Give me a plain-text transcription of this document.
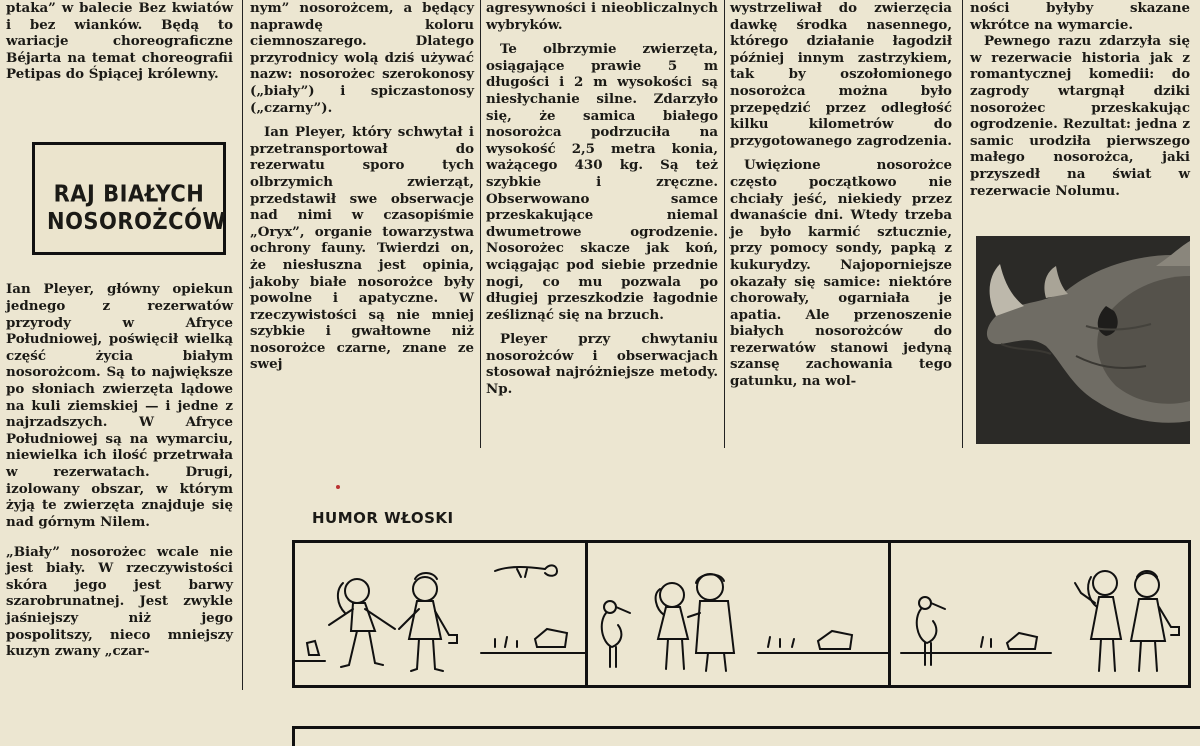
ptaka” w balecie Bez kwiatów i bez wianków. Będą to wariacje choreograficzne Béjarta na temat choreografii Petipas do Śpiącej królewny.

RAJ BIAŁYCH NOSOROŻCÓW

Ian Pleyer, główny opiekun jednego z rezerwatów przyrody w Afryce Południowej, poświęcił wielką część życia białym nosorożcom. Są to największe po słoniach zwierzęta lądowe na kuli ziemskiej — i jedne z najrzadszych. W Afryce Południowej są na wymarciu, niewielka ich ilość przetrwała w rezerwatach. Drugi, izolowany obszar, w którym żyją te zwierzęta znajduje się nad górnym Nilem.

„Biały” nosorożec wcale nie jest biały. W rzeczywistości skóra jego jest barwy szarobrunatnej. Jest zwykle jaśniejszy niż jego pospolitszy, nieco mniejszy kuzyn zwany „czar-

nym” nosorożcem, a będący naprawdę koloru ciemnoszarego. Dlatego przyrodnicy wolą dziś używać nazw: nosorożec szerokonosy („biały”) i spiczastonosy („czarny”).

Ian Pleyer, który schwytał i przetransportował do rezerwatu sporo tych olbrzymich zwierząt, przedstawił swe obserwacje nad nimi w czasopiśmie „Oryx”, organie towarzystwa ochrony fauny. Twierdzi on, że niesłuszna jest opinia, jakoby białe nosorożce były powolne i apatyczne. W rzeczywistości są nie mniej szybkie i gwałtowne niż nosorożce czarne, znane ze swej

agresywności i nieobliczalnych wybryków.

Te olbrzymie zwierzęta, osiągające prawie 5 m długości i 2 m wysokości są niesłychanie silne. Zdarzyło się, że samica białego nosorożca podrzuciła na wysokość 2,5 metra konia, ważącego 430 kg. Są też szybkie i zręczne. Obserwowano samce przeskakujące niemal dwumetrowe ogrodzenie. Nosorożec skacze jak koń, wciągając pod siebie przednie nogi, co mu pozwala po długiej przeszkodzie łagodnie ześliznąć się na brzuch.

Pleyer przy chwytaniu nosorożców i obserwacjach stosował najróżniejsze metody. Np.

wystrzeliwał do zwierzęcia dawkę środka nasennego, którego działanie łagodził później innym zastrzykiem, tak by oszołomionego nosorożca można było przepędzić przez odległość kilku kilometrów do przygotowanego zagrodzenia.

Uwięzione nosorożce często początkowo nie chciały jeść, niekiedy przez dwanaście dni. Wtedy trzeba je było karmić sztucznie, przy pomocy sondy, papką z kukurydzy. Najoporniejsze okazały się samice: niektóre chorowały, ogarniała je apatia. Ale przenoszenie białych nosorożców do rezerwatów stanowi jedyną szansę zachowania tego gatunku, na wol-

ności byłyby skazane wkrótce na wymarcie.

Pewnego razu zdarzyła się w rezerwacie historia jak z romantycznej komedii: do zagrody wtargnął dziki nosorożec przeskakując ogrodzenie. Rezultat: jedna z samic urodziła pierwszego małego nosorożca, jaki przyszedł na świat w rezerwacie Nolumu.

HUMOR WŁOSKI
